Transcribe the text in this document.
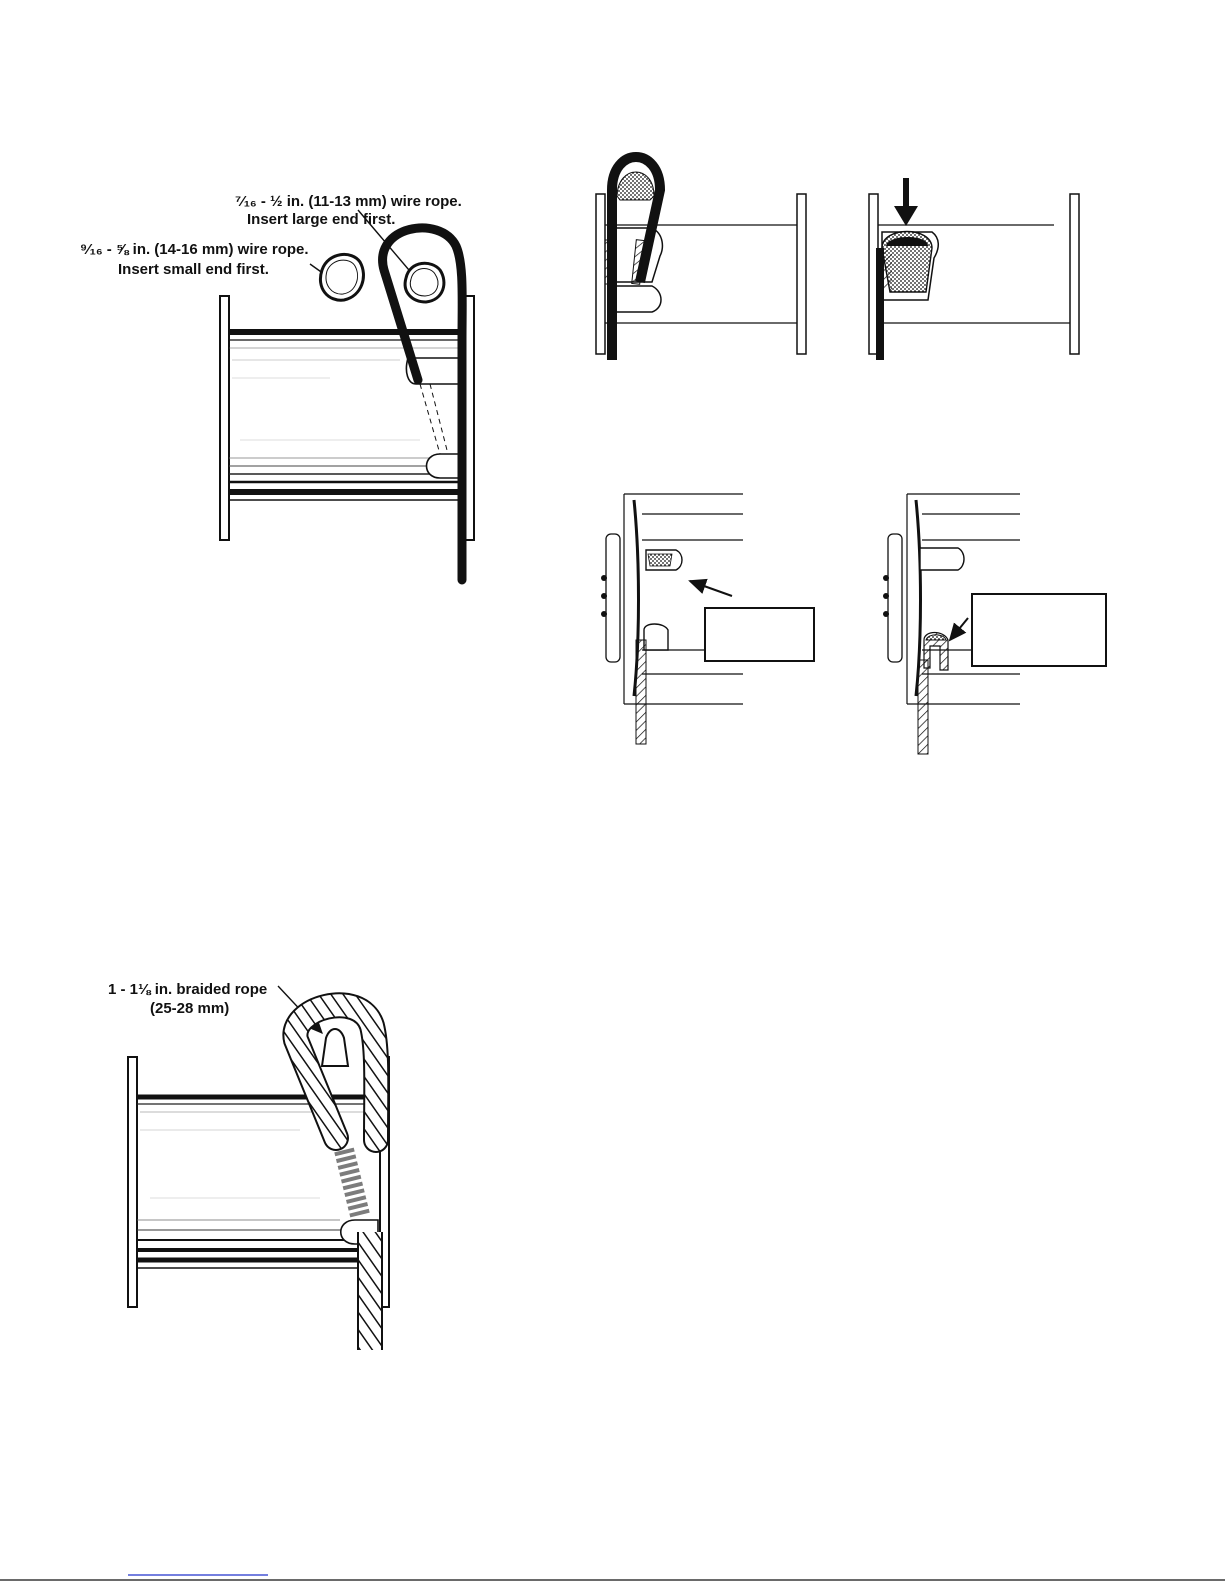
⁷⁄₁₆ - ½ in. (11-13 mm) wire rope.
Insert large end first.
⁹⁄₁₆ - ⅝ in. (14-16 mm) wire rope.
Insert small end first.
1 - 1⅛ in. braided rope
(25-28 mm)
